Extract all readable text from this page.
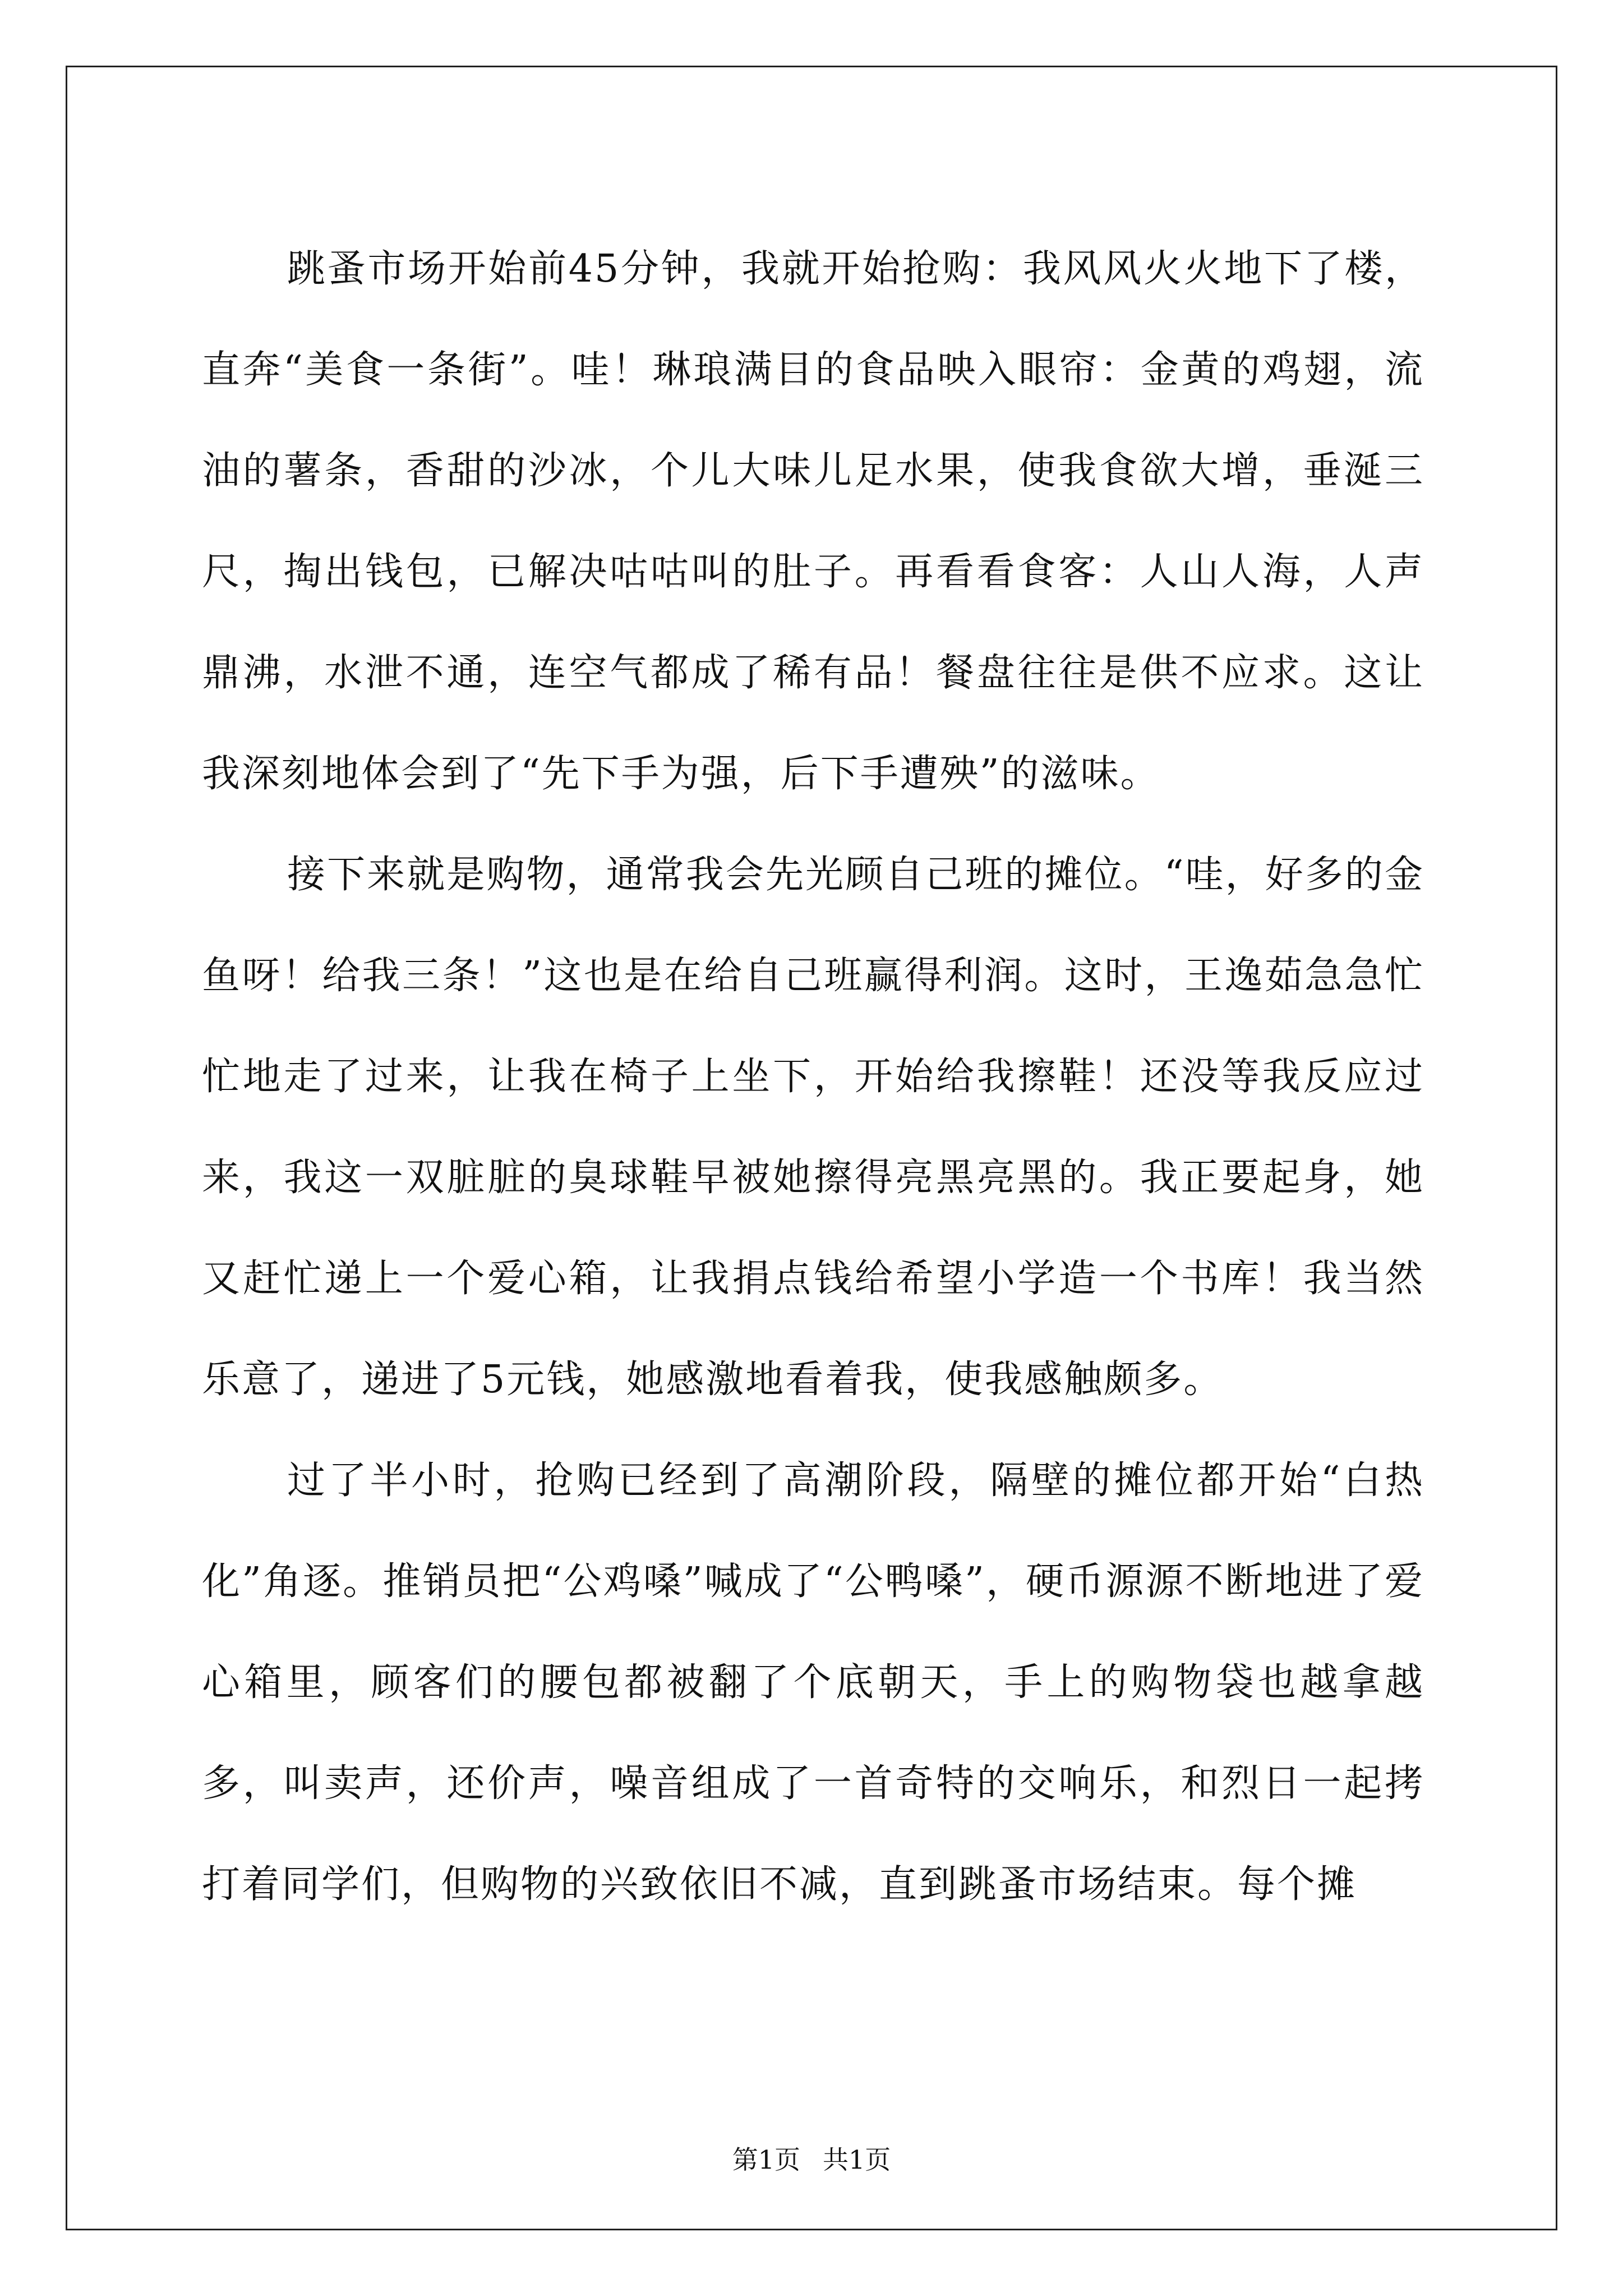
跳蚤市场开始前45分钟，我就开始抢购：我风风火火地下了楼，直奔“美食一条街”。哇！琳琅满目的食品映入眼帘：金黄的鸡翅，流油的薯条，香甜的沙冰，个儿大味儿足水果，使我食欲大增，垂涎三尺，掏出钱包，已解决咕咕叫的肚子。再看看食客：人山人海，人声鼎沸，水泄不通，连空气都成了稀有品！餐盘往往是供不应求。这让我深刻地体会到了“先下手为强，后下手遭殃”的滋味。

接下来就是购物，通常我会先光顾自己班的摊位。“哇，好多的金鱼呀！给我三条！”这也是在给自己班赢得利润。这时，王逸茹急急忙忙地走了过来，让我在椅子上坐下，开始给我擦鞋！还没等我反应过来，我这一双脏脏的臭球鞋早被她擦得亮黑亮黑的。我正要起身，她又赶忙递上一个爱心箱，让我捐点钱给希望小学造一个书库！我当然乐意了，递进了5元钱，她感激地看着我，使我感触颇多。

过了半小时，抢购已经到了高潮阶段，隔壁的摊位都开始“白热化”角逐。推销员把“公鸡嗓”喊成了“公鸭嗓”，硬币源源不断地进了爱心箱里，顾客们的腰包都被翻了个底朝天，手上的购物袋也越拿越多，叫卖声，还价声，噪音组成了一首奇特的交响乐，和烈日一起拷打着同学们，但购物的兴致依旧不减，直到跳蚤市场结束。每个摊

第1页 共1页
